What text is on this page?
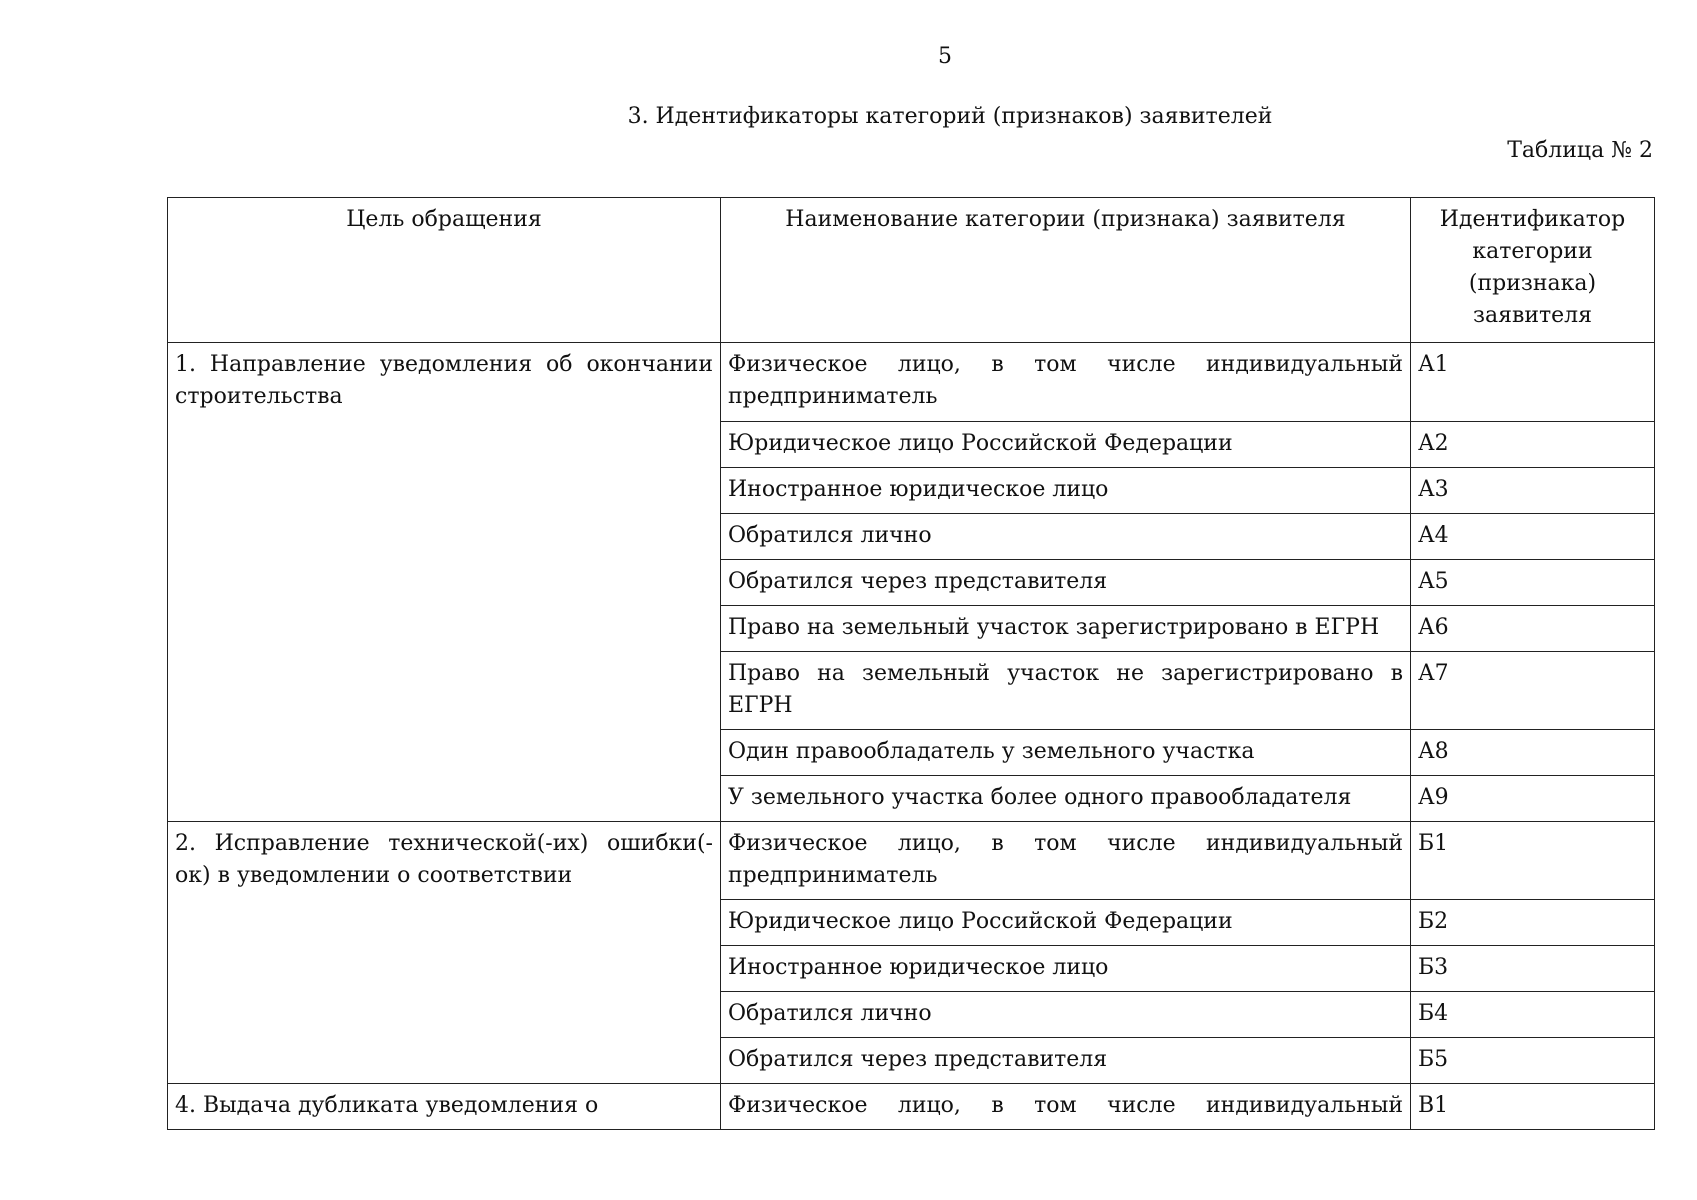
5
3. Идентификаторы категорий (признаков) заявителей
Таблица № 2
Цель обращения	Наименование категории (признака) заявителя	Идентификатор категории (признака) заявителя
1. Направление уведомления об окончании строительства	Физическое лицо, в том числе индивидуальный предприниматель	А1
	Юридическое лицо Российской Федерации	А2
	Иностранное юридическое лицо	А3
	Обратился лично	А4
	Обратился через представителя	А5
	Право на земельный участок зарегистрировано в ЕГРН	А6
	Право на земельный участок не зарегистрировано в ЕГРН	А7
	Один правообладатель у земельного участка	А8
	У земельного участка более одного правообладателя	А9
2. Исправление технической(-их) ошибки(-ок) в уведомлении о соответствии	Физическое лицо, в том числе индивидуальный предприниматель	Б1
	Юридическое лицо Российской Федерации	Б2
	Иностранное юридическое лицо	Б3
	Обратился лично	Б4
	Обратился через представителя	Б5
4. Выдача дубликата уведомления о	Физическое лицо, в том числе индивидуальный	В1
